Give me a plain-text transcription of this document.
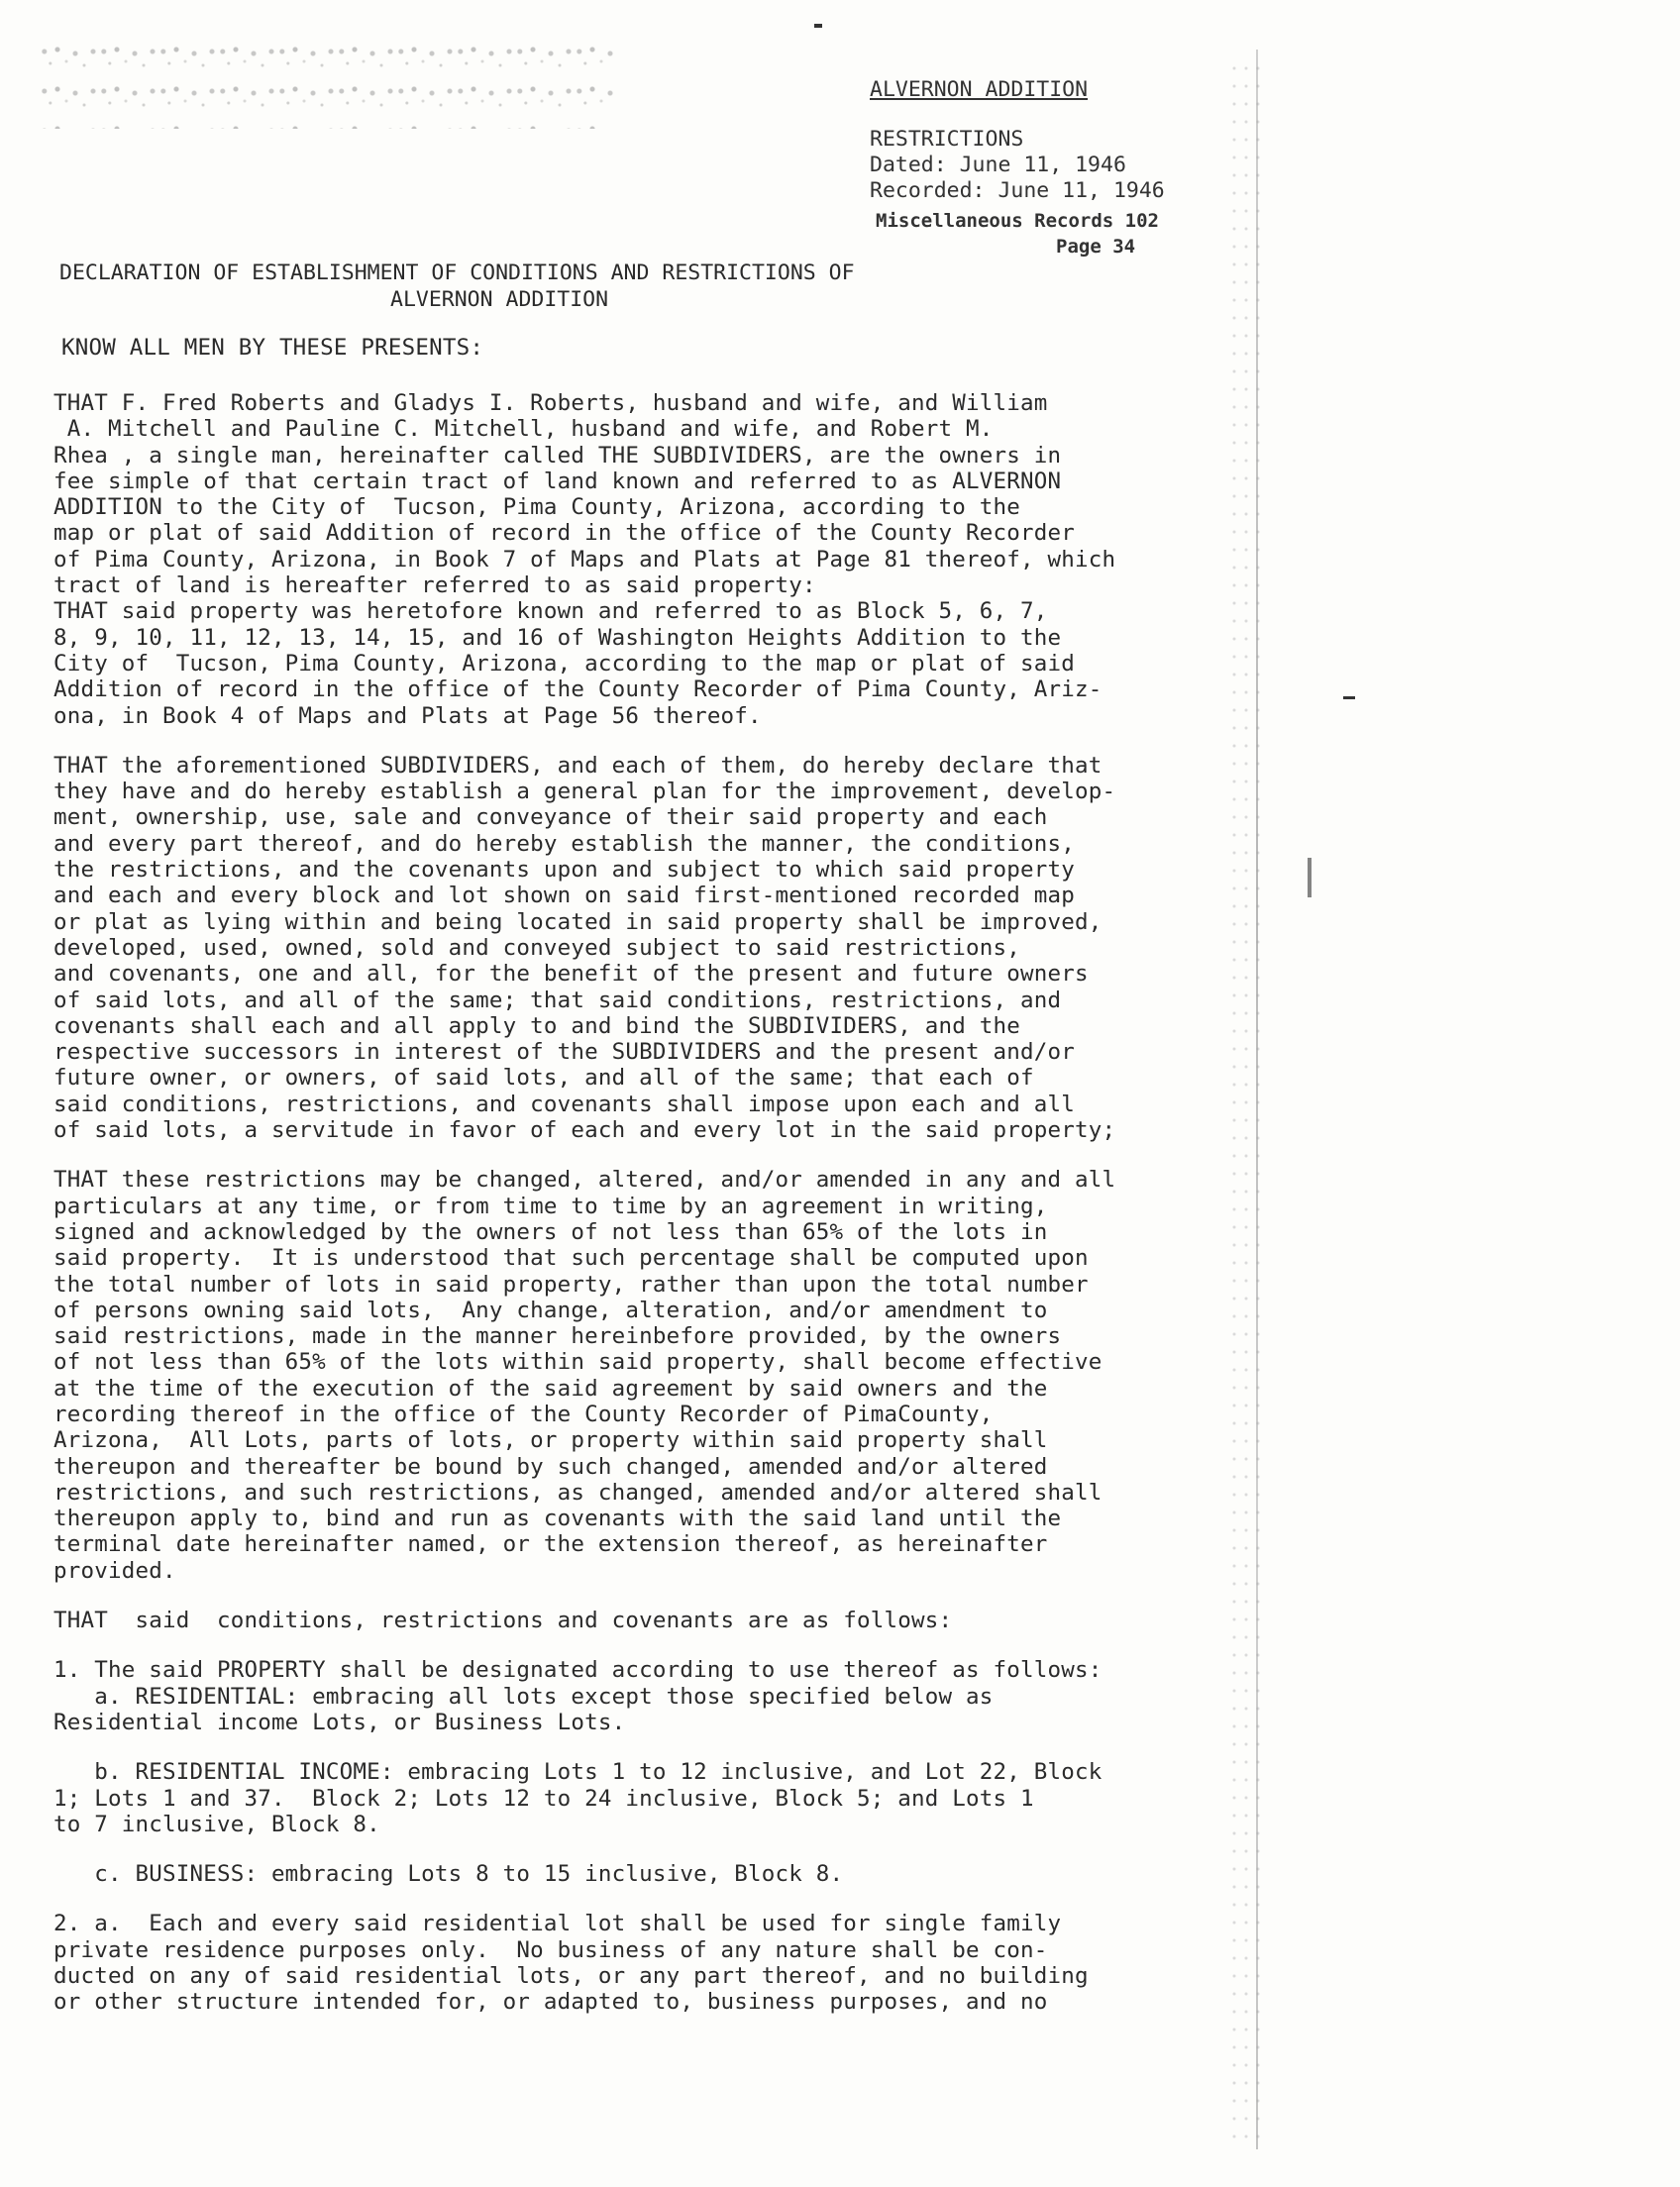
ALVERNON ADDITION
RESTRICTIONS
Dated: June 11, 1946
Recorded: June 11, 1946
Miscellaneous Records 102
Page 34
DECLARATION OF ESTABLISHMENT OF CONDITIONS AND RESTRICTIONS OF
ALVERNON ADDITION
KNOW ALL MEN BY THESE PRESENTS:
THAT F. Fred Roberts and Gladys I. Roberts, husband and wife, and William
A. Mitchell and Pauline C. Mitchell, husband and wife, and Robert M.
Rhea , a single man, hereinafter called THE SUBDIVIDERS, are the owners in
fee simple of that certain tract of land known and referred to as ALVERNON
ADDITION to the City of  Tucson, Pima County, Arizona, according to the
map or plat of said Addition of record in the office of the County Recorder
of Pima County, Arizona, in Book 7 of Maps and Plats at Page 81 thereof, which
tract of land is hereafter referred to as said property:
THAT said property was heretofore known and referred to as Block 5, 6, 7,
8, 9, 10, 11, 12, 13, 14, 15, and 16 of Washington Heights Addition to the
City of  Tucson, Pima County, Arizona, according to the map or plat of said
Addition of record in the office of the County Recorder of Pima County, Ariz-
ona, in Book 4 of Maps and Plats at Page 56 thereof.
THAT the aforementioned SUBDIVIDERS, and each of them, do hereby declare that
they have and do hereby establish a general plan for the improvement, develop-
ment, ownership, use, sale and conveyance of their said property and each
and every part thereof, and do hereby establish the manner, the conditions,
the restrictions, and the covenants upon and subject to which said property
and each and every block and lot shown on said first-mentioned recorded map
or plat as lying within and being located in said property shall be improved,
developed, used, owned, sold and conveyed subject to said restrictions,
and covenants, one and all, for the benefit of the present and future owners
of said lots, and all of the same; that said conditions, restrictions, and
covenants shall each and all apply to and bind the SUBDIVIDERS, and the
respective successors in interest of the SUBDIVIDERS and the present and/or
future owner, or owners, of said lots, and all of the same; that each of
said conditions, restrictions, and covenants shall impose upon each and all
of said lots, a servitude in favor of each and every lot in the said property;
THAT these restrictions may be changed, altered, and/or amended in any and all
particulars at any time, or from time to time by an agreement in writing,
signed and acknowledged by the owners of not less than 65% of the lots in
said property.  It is understood that such percentage shall be computed upon
the total number of lots in said property, rather than upon the total number
of persons owning said lots,  Any change, alteration, and/or amendment to
said restrictions, made in the manner hereinbefore provided, by the owners
of not less than 65% of the lots within said property, shall become effective
at the time of the execution of the said agreement by said owners and the
recording thereof in the office of the County Recorder of PimaCounty,
Arizona,  All Lots, parts of lots, or property within said property shall
thereupon and thereafter be bound by such changed, amended and/or altered
restrictions, and such restrictions, as changed, amended and/or altered shall
thereupon apply to, bind and run as covenants with the said land until the
terminal date hereinafter named, or the extension thereof, as hereinafter
provided.
THAT  said  conditions, restrictions and covenants are as follows:
1. The said PROPERTY shall be designated according to use thereof as follows:
a. RESIDENTIAL: embracing all lots except those specified below as
Residential income Lots, or Business Lots.
b. RESIDENTIAL INCOME: embracing Lots 1 to 12 inclusive, and Lot 22, Block
1; Lots 1 and 37.  Block 2; Lots 12 to 24 inclusive, Block 5; and Lots 1
to 7 inclusive, Block 8.
c. BUSINESS: embracing Lots 8 to 15 inclusive, Block 8.
2. a.  Each and every said residential lot shall be used for single family
private residence purposes only.  No business of any nature shall be con-
ducted on any of said residential lots, or any part thereof, and no building
or other structure intended for, or adapted to, business purposes, and no
